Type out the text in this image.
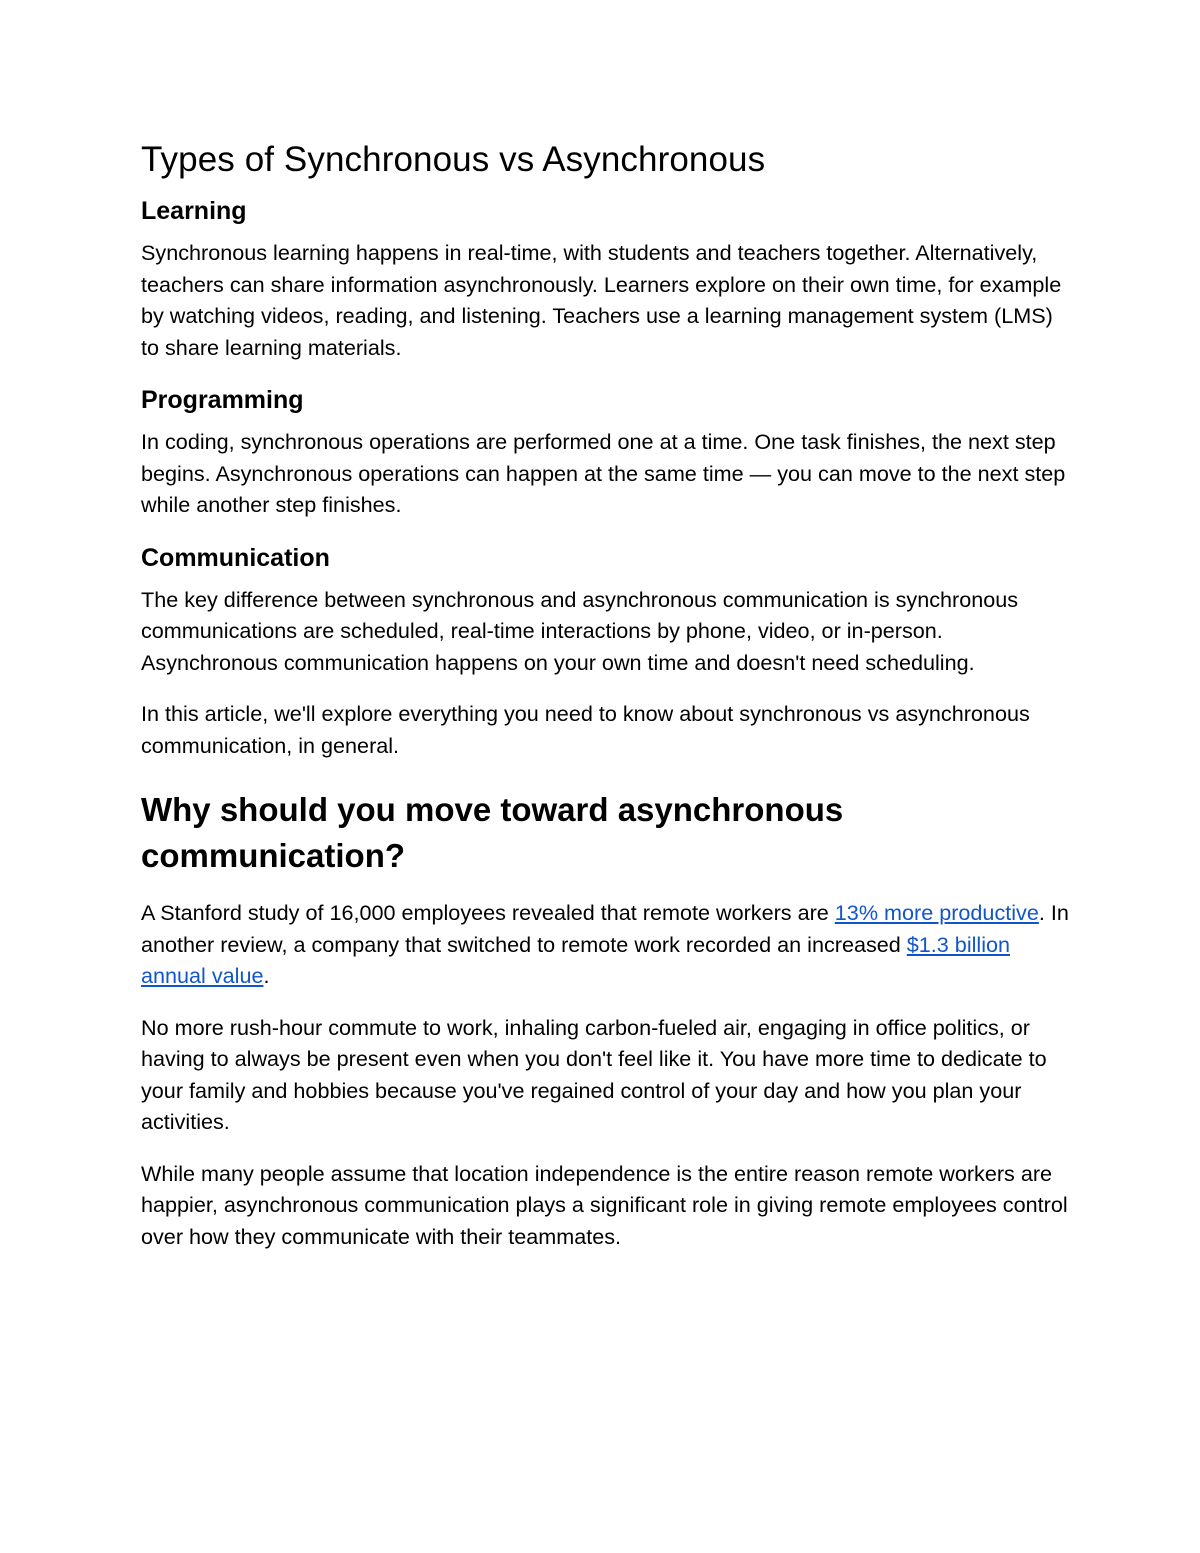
Types of Synchronous vs Asynchronous
Learning
Synchronous learning happens in real-time, with students and teachers together. Alternatively, teachers can share information asynchronously. Learners explore on their own time, for example by watching videos, reading, and listening. Teachers use a learning management system (LMS) to share learning materials.
Programming
In coding, synchronous operations are performed one at a time. One task finishes, the next step begins. Asynchronous operations can happen at the same time — you can move to the next step while another step finishes.
Communication
The key difference between synchronous and asynchronous communication is synchronous communications are scheduled, real-time interactions by phone, video, or in-person. Asynchronous communication happens on your own time and doesn't need scheduling.
In this article, we'll explore everything you need to know about synchronous vs asynchronous communication, in general.
Why should you move toward asynchronous communication?
A Stanford study of 16,000 employees revealed that remote workers are 13% more productive. In another review, a company that switched to remote work recorded an increased $1.3 billion annual value.
No more rush-hour commute to work, inhaling carbon-fueled air, engaging in office politics, or having to always be present even when you don't feel like it. You have more time to dedicate to your family and hobbies because you've regained control of your day and how you plan your activities.
While many people assume that location independence is the entire reason remote workers are happier, asynchronous communication plays a significant role in giving remote employees control over how they communicate with their teammates.
